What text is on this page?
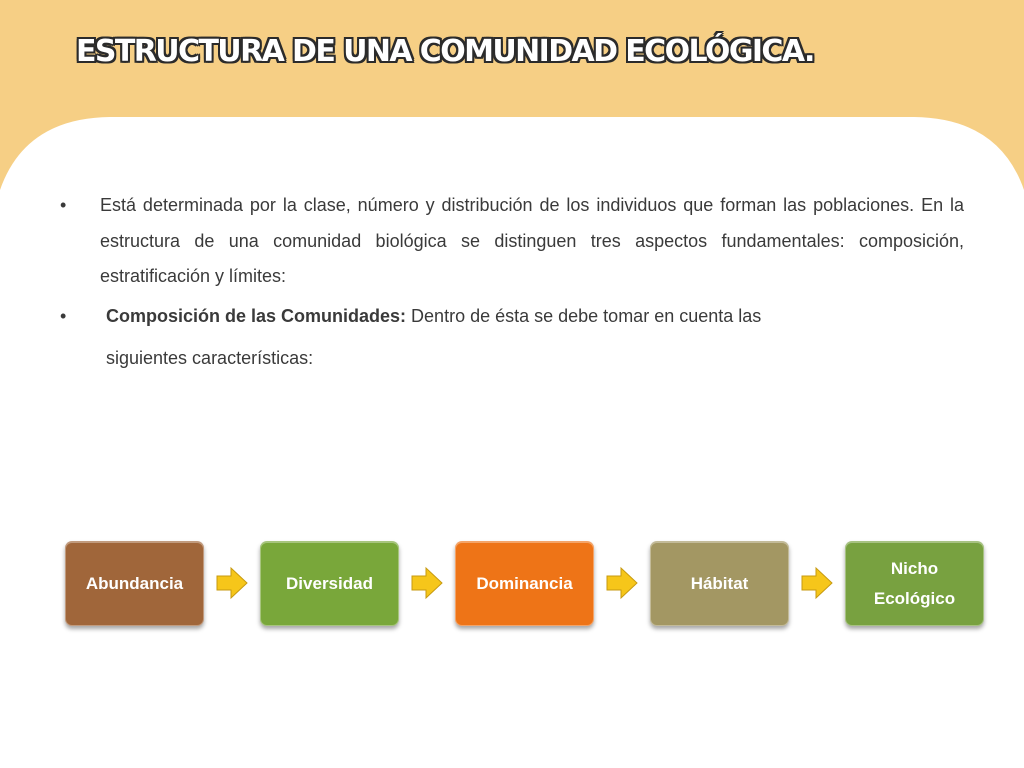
ESTRUCTURA DE UNA COMUNIDAD ECOLÓGICA.
• Está determinada por la clase, número y distribución de los individuos que forman las poblaciones. En la estructura de una comunidad biológica se distinguen tres aspectos fundamentales: composición, estratificación y límites:
• Composición de las Comunidades: Dentro de ésta se debe tomar en cuenta las
siguientes características:
Abundancia	Diversidad	Dominancia	Hábitat
Nicho Ecológico
